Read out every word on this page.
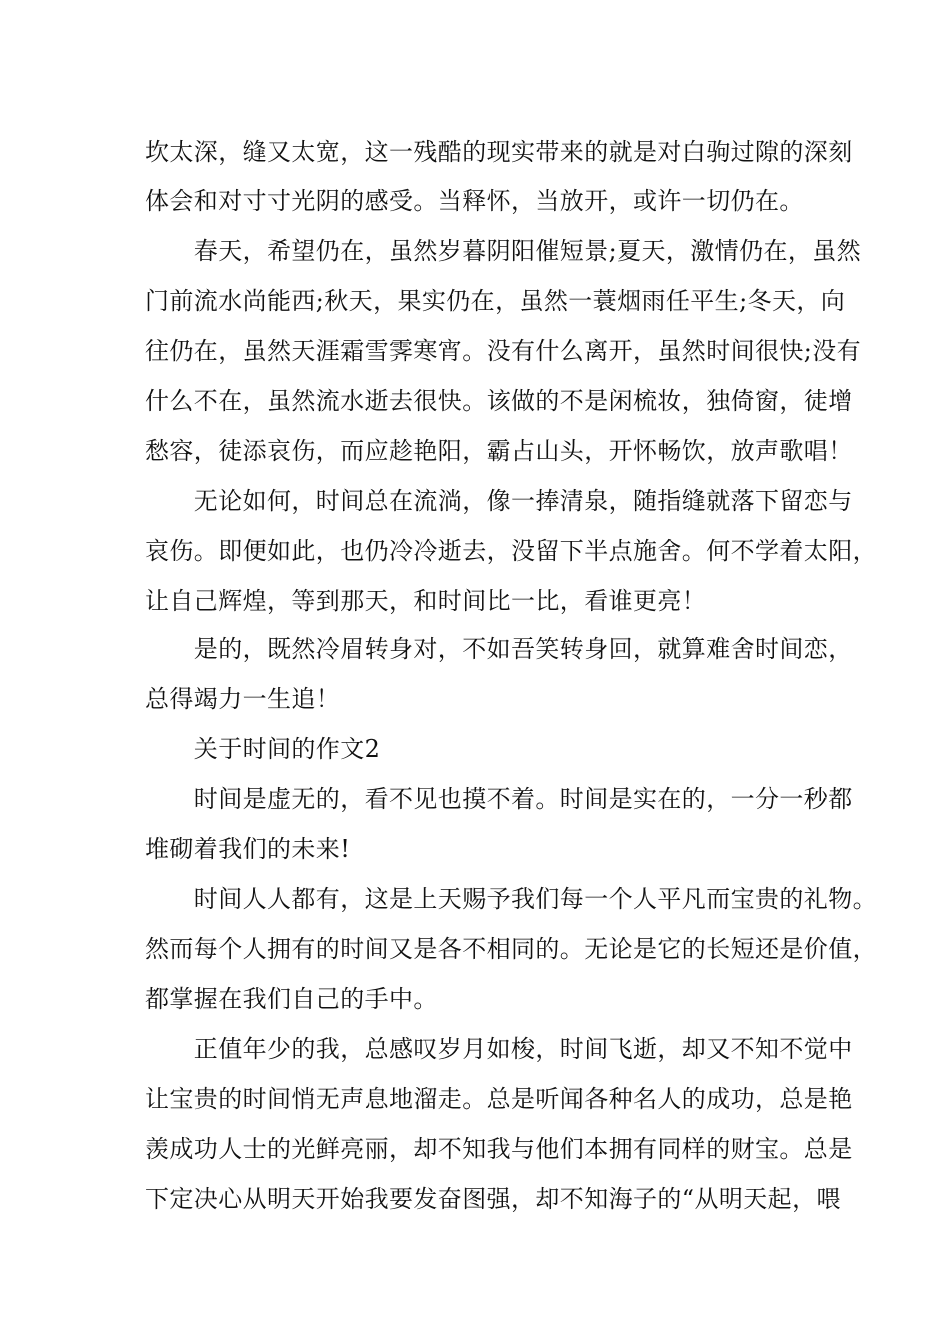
坎太深，缝又太宽，这一残酷的现实带来的就是对白驹过隙的深刻
体会和对寸寸光阴的感受。当释怀，当放开，或许一切仍在。
　　春天，希望仍在，虽然岁暮阴阳催短景;夏天，激情仍在，虽然
门前流水尚能西;秋天，果实仍在，虽然一蓑烟雨任平生;冬天，向
往仍在，虽然天涯霜雪霁寒宵。没有什么离开，虽然时间很快;没有
什么不在，虽然流水逝去很快。该做的不是闲梳妆，独倚窗，徒增
愁容，徒添哀伤，而应趁艳阳，霸占山头，开怀畅饮，放声歌唱！
　　无论如何，时间总在流淌，像一捧清泉，随指缝就落下留恋与
哀伤。即便如此，也仍冷冷逝去，没留下半点施舍。何不学着太阳，
让自己辉煌，等到那天，和时间比一比，看谁更亮！
　　是的，既然冷眉转身对，不如吾笑转身回，就算难舍时间恋，
总得竭力一生追！
　　关于时间的作文2
　　时间是虚无的，看不见也摸不着。时间是实在的，一分一秒都
堆砌着我们的未来!
　　时间人人都有，这是上天赐予我们每一个人平凡而宝贵的礼物。
然而每个人拥有的时间又是各不相同的。无论是它的长短还是价值，
都掌握在我们自己的手中。
　　正值年少的我，总感叹岁月如梭，时间飞逝，却又不知不觉中
让宝贵的时间悄无声息地溜走。总是听闻各种名人的成功，总是艳
羡成功人士的光鲜亮丽，却不知我与他们本拥有同样的财宝。总是
下定决心从明天开始我要发奋图强，却不知海子的“从明天起，喂
